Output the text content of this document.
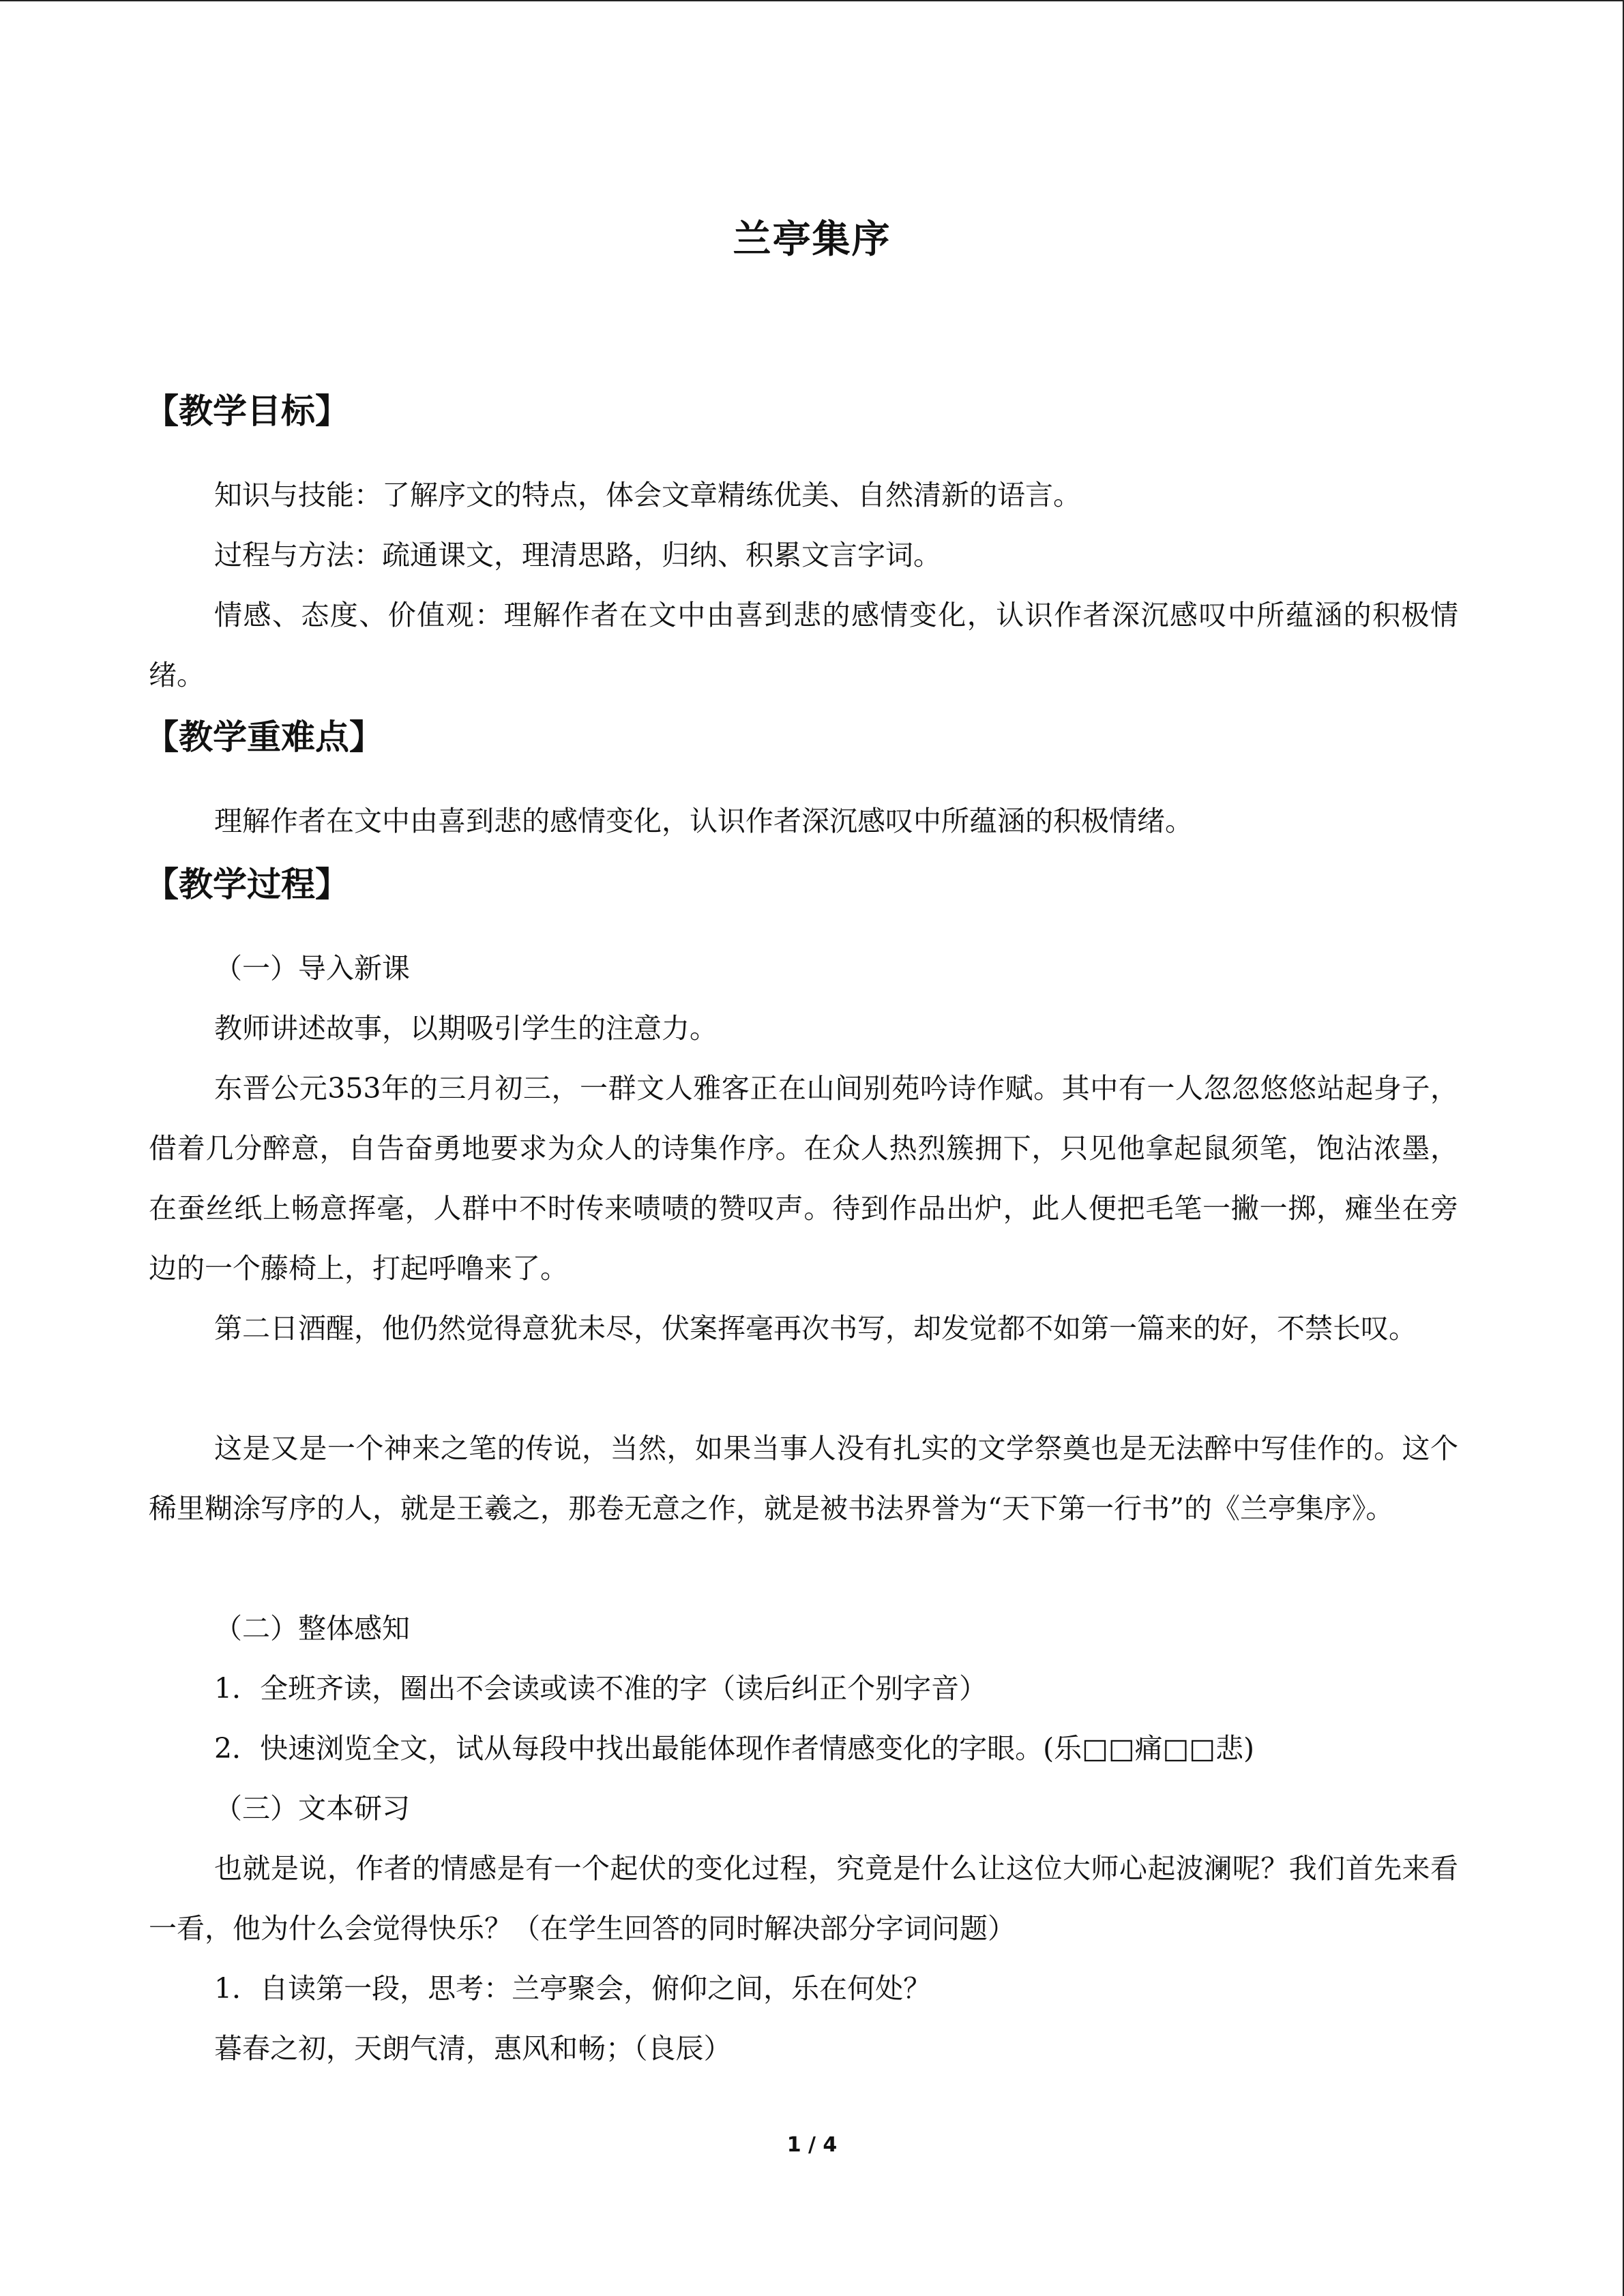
兰亭集序
【教学目标】

知识与技能：了解序文的特点，体会文章精练优美、自然清新的语言。

过程与方法：疏通课文，理清思路，归纳、积累文言字词。

情感、态度、价值观：理解作者在文中由喜到悲的感情变化，认识作者深沉感叹中所蕴涵的积极情绪。

【教学重难点】

理解作者在文中由喜到悲的感情变化，认识作者深沉感叹中所蕴涵的积极情绪。

【教学过程】

（一）导入新课

教师讲述故事，以期吸引学生的注意力。

东晋公元353年的三月初三，一群文人雅客正在山间别苑吟诗作赋。其中有一人忽忽悠悠站起身子，借着几分醉意，自告奋勇地要求为众人的诗集作序。在众人热烈簇拥下，只见他拿起鼠须笔，饱沾浓墨，在蚕丝纸上畅意挥毫，人群中不时传来啧啧的赞叹声。待到作品出炉，此人便把毛笔一撇一掷，瘫坐在旁边的一个藤椅上，打起呼噜来了。

第二日酒醒，他仍然觉得意犹未尽，伏案挥毫再次书写，却发觉都不如第一篇来的好，不禁长叹。

这是又是一个神来之笔的传说，当然，如果当事人没有扎实的文学祭奠也是无法醉中写佳作的。这个稀里糊涂写序的人，就是王羲之，那卷无意之作，就是被书法界誉为“天下第一行书”的《兰亭集序》。

（二）整体感知

1．全班齐读，圈出不会读或读不准的字（读后纠正个别字音）

2．快速浏览全文，试从每段中找出最能体现作者情感变化的字眼。(乐□□痛□□悲)

（三）文本研习

也就是说，作者的情感是有一个起伏的变化过程，究竟是什么让这位大师心起波澜呢？我们首先来看一看，他为什么会觉得快乐？（在学生回答的同时解决部分字词问题）

1．自读第一段，思考：兰亭聚会，俯仰之间，乐在何处？

暮春之初，天朗气清，惠风和畅；（良辰）

1 / 4
